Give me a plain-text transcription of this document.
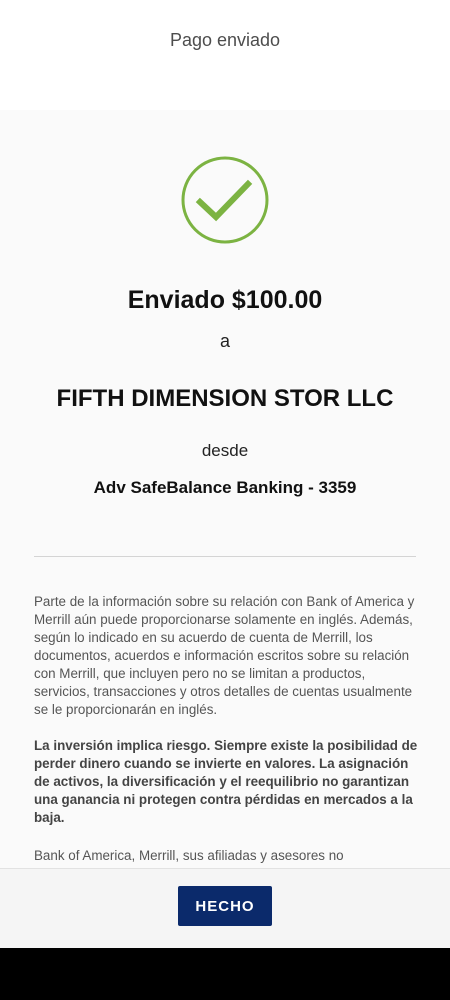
Pago enviado
Enviado $100.00
a
FIFTH DIMENSION STOR LLC
desde
Adv SafeBalance Banking - 3359

Parte de la información sobre su relación con Bank of America y Merrill aún puede proporcionarse solamente en inglés. Además, según lo indicado en su acuerdo de cuenta de Merrill, los documentos, acuerdos e información escritos sobre su relación con Merrill, que incluyen pero no se limitan a productos, servicios, transacciones y otros detalles de cuentas usualmente se le proporcionarán en inglés.

La inversión implica riesgo. Siempre existe la posibilidad de perder dinero cuando se invierte en valores. La asignación de activos, la diversificación y el reequilibrio no garantizan una ganancia ni protegen contra pérdidas en mercados a la baja.

Bank of America, Merrill, sus afiliadas y asesores no

HECHO
